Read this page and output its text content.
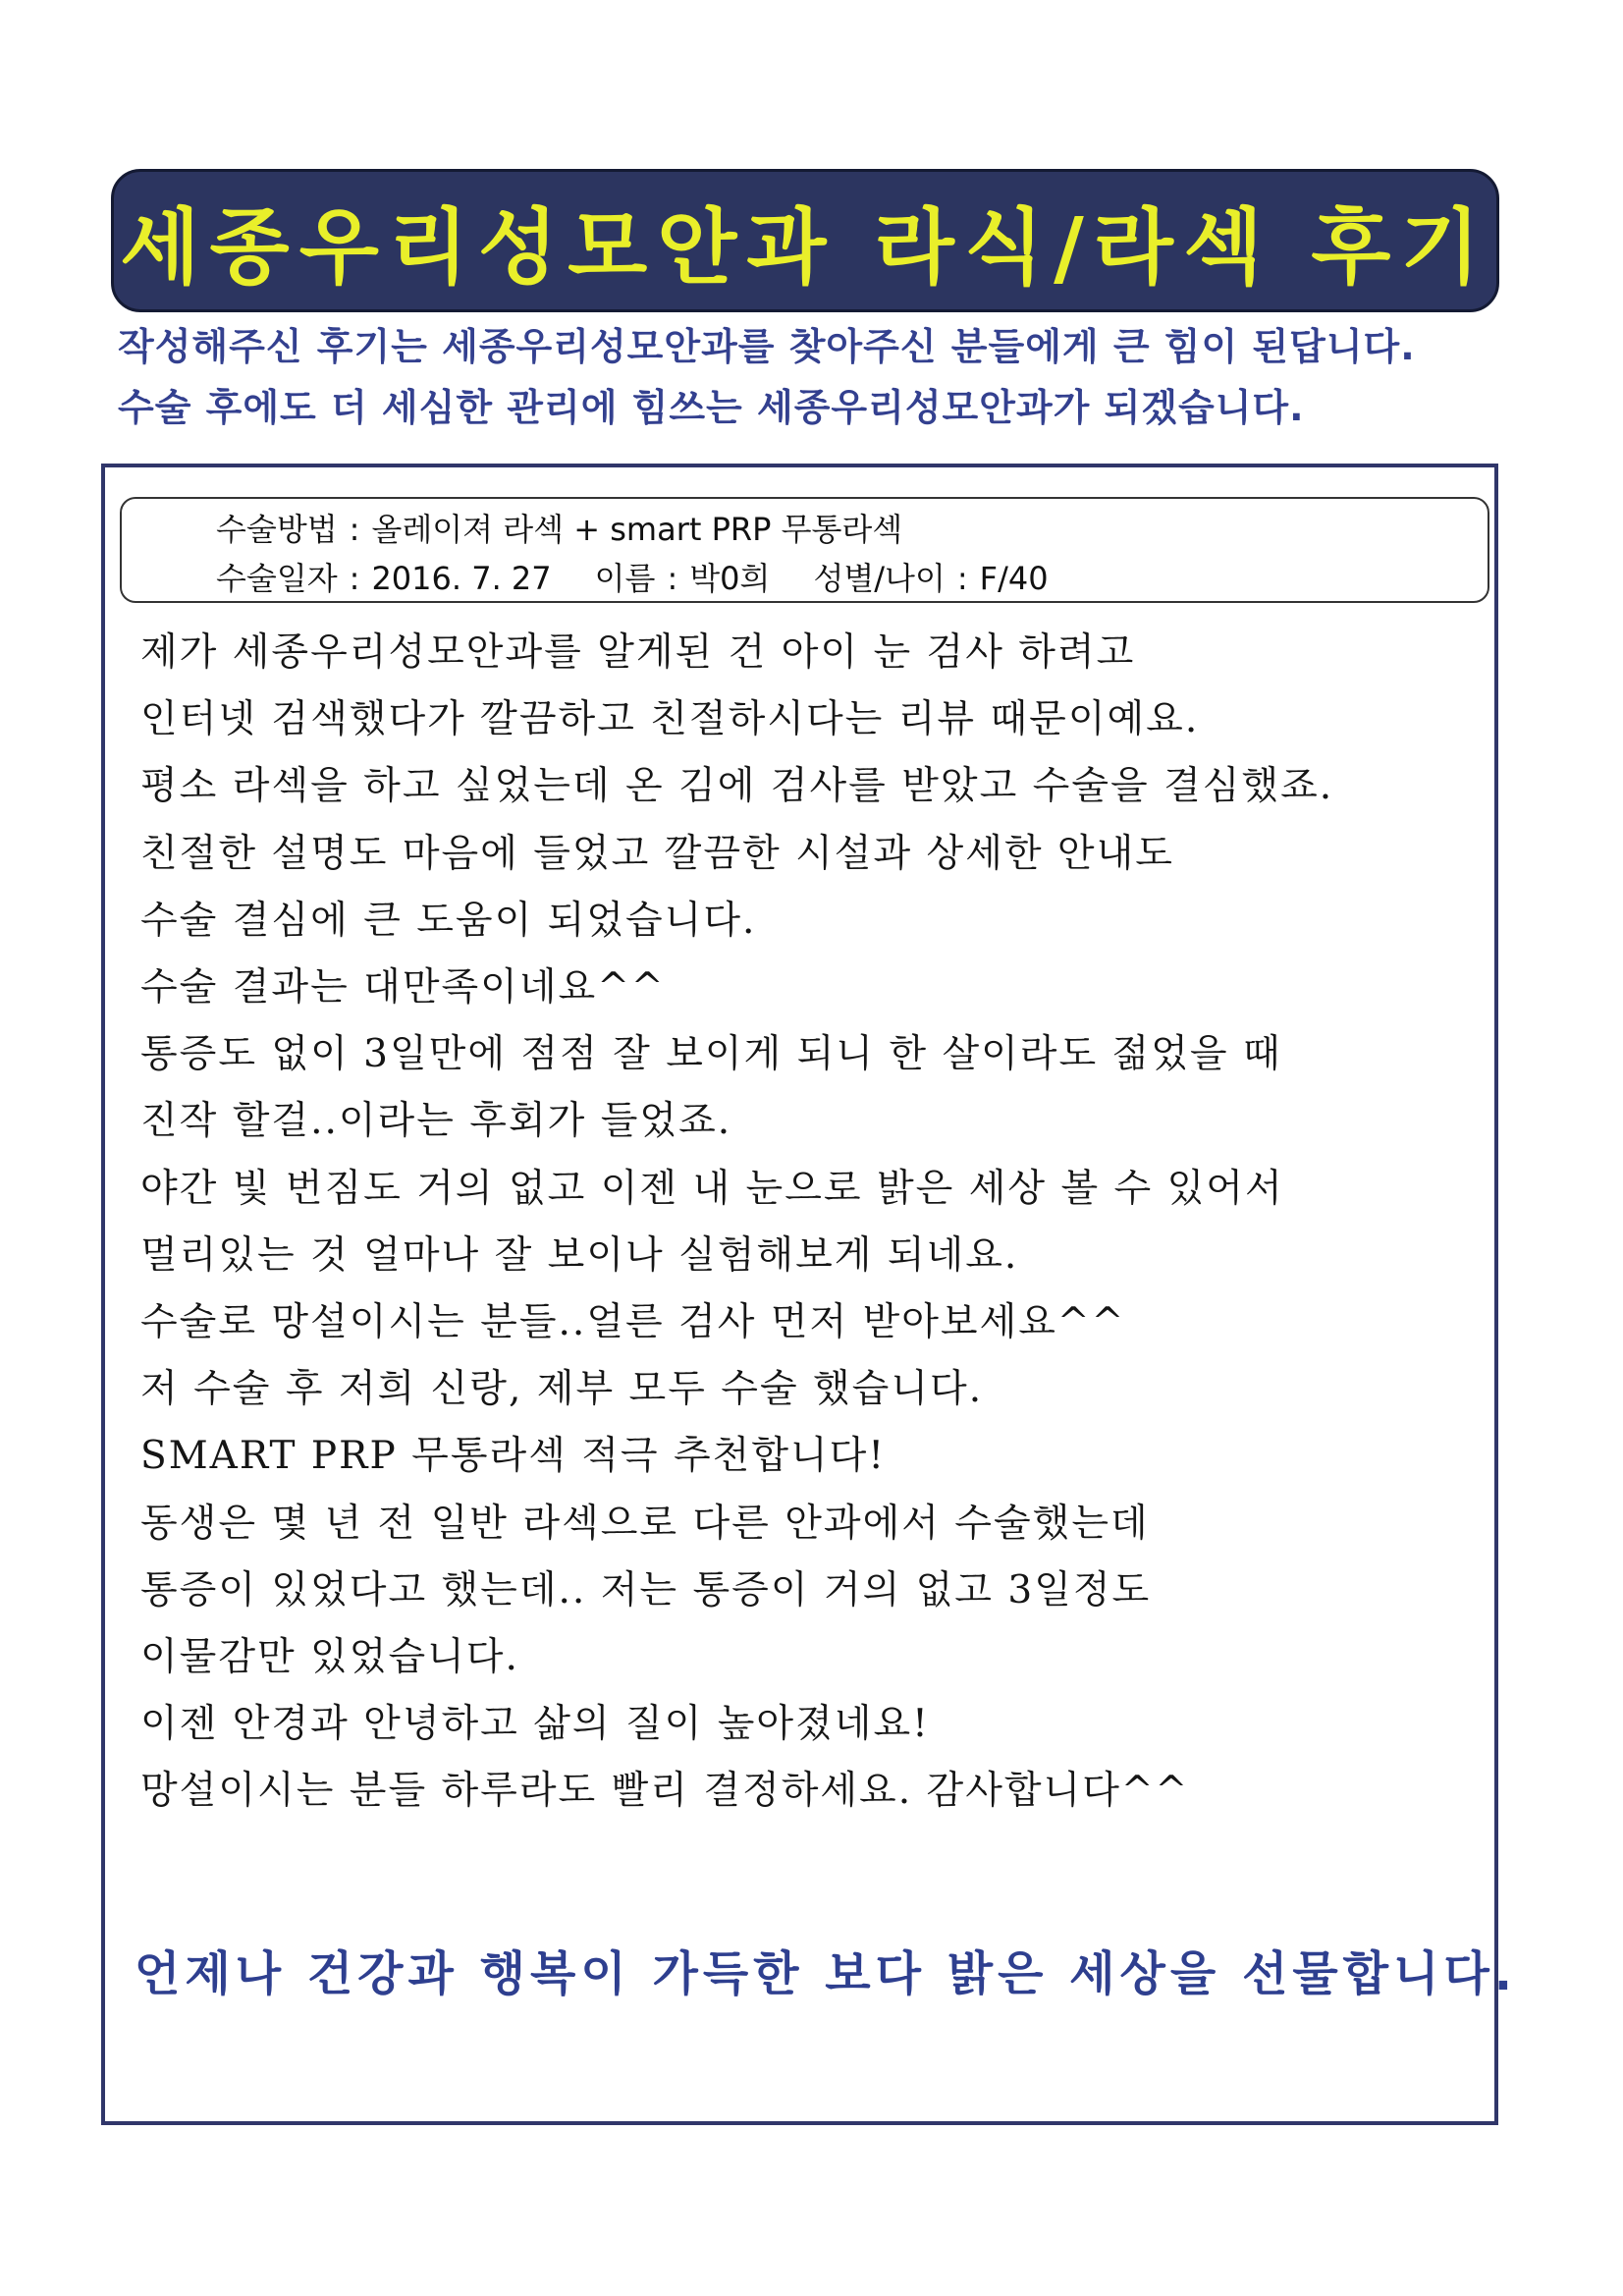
세종우리성모안과 라식/라섹 후기
작성해주신 후기는 세종우리성모안과를 찾아주신 분들에게 큰 힘이 된답니다.
수술 후에도 더 세심한 관리에 힘쓰는 세종우리성모안과가 되겠습니다.
수술방법 : 올레이져 라섹 + smart PRP 무통라섹
수술일자 : 2016. 7. 27 이름 : 박0희 성별/나이 : F/40
제가 세종우리성모안과를 알게된 건 아이 눈 검사 하려고
인터넷 검색했다가 깔끔하고 친절하시다는 리뷰 때문이예요.
평소 라섹을 하고 싶었는데 온 김에 검사를 받았고 수술을 결심했죠.
친절한 설명도 마음에 들었고 깔끔한 시설과 상세한 안내도
수술 결심에 큰 도움이 되었습니다.
수술 결과는 대만족이네요^^
통증도 없이 3일만에 점점 잘 보이게 되니 한 살이라도 젊었을 때
진작 할걸..이라는 후회가 들었죠.
야간 빛 번짐도 거의 없고 이젠 내 눈으로 밝은 세상 볼 수 있어서
멀리있는 것 얼마나 잘 보이나 실험해보게 되네요.
수술로 망설이시는 분들..얼른 검사 먼저 받아보세요^^
저 수술 후 저희 신랑, 제부 모두 수술 했습니다.
SMART PRP 무통라섹 적극 추천합니다!
동생은 몇 년 전 일반 라섹으로 다른 안과에서 수술했는데
통증이 있었다고 했는데.. 저는 통증이 거의 없고 3일정도
이물감만 있었습니다.
이젠 안경과 안녕하고 삶의 질이 높아졌네요!
망설이시는 분들 하루라도 빨리 결정하세요. 감사합니다^^
언제나 건강과 행복이 가득한 보다 밝은 세상을 선물합니다.
